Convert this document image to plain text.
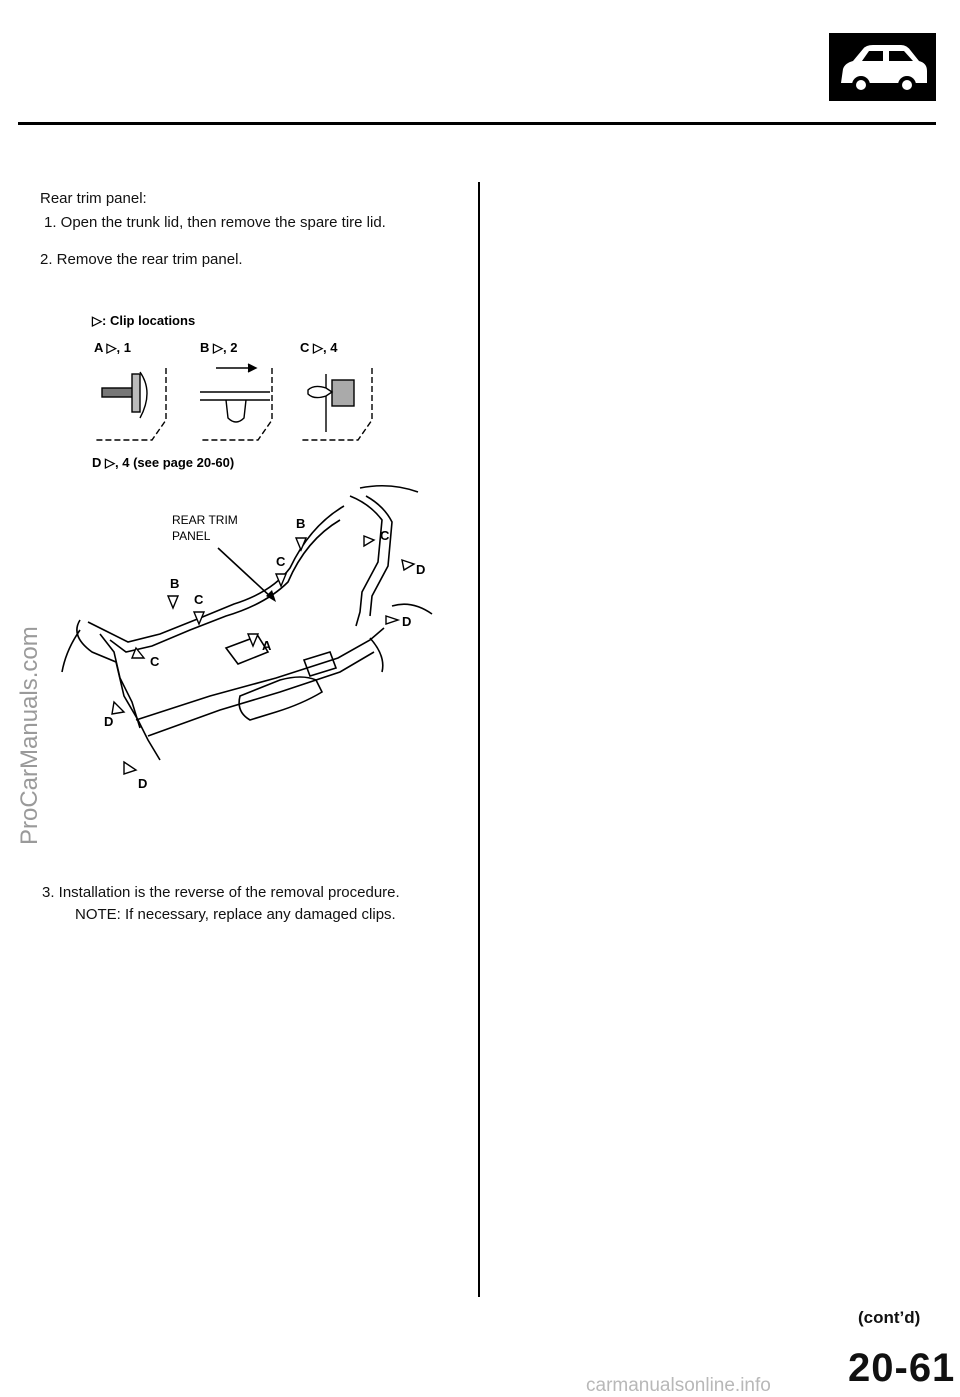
Rear trim panel:
1. Open the trunk lid, then remove the spare tire lid.
2. Remove the rear trim panel.
3. Installation is the reverse of the removal procedure.
NOTE: If necessary, replace any damaged clips.
▷: Clip locations
A ▷, 1	B ▷, 2	C ▷, 4
D ▷, 4 (see page 20-60)
REAR TRIM
PANEL
B
B
C
C
C
C
A
D
D
D
D
ProCarManuals.com
(cont’d)
20-61
carmanualsonline.info
